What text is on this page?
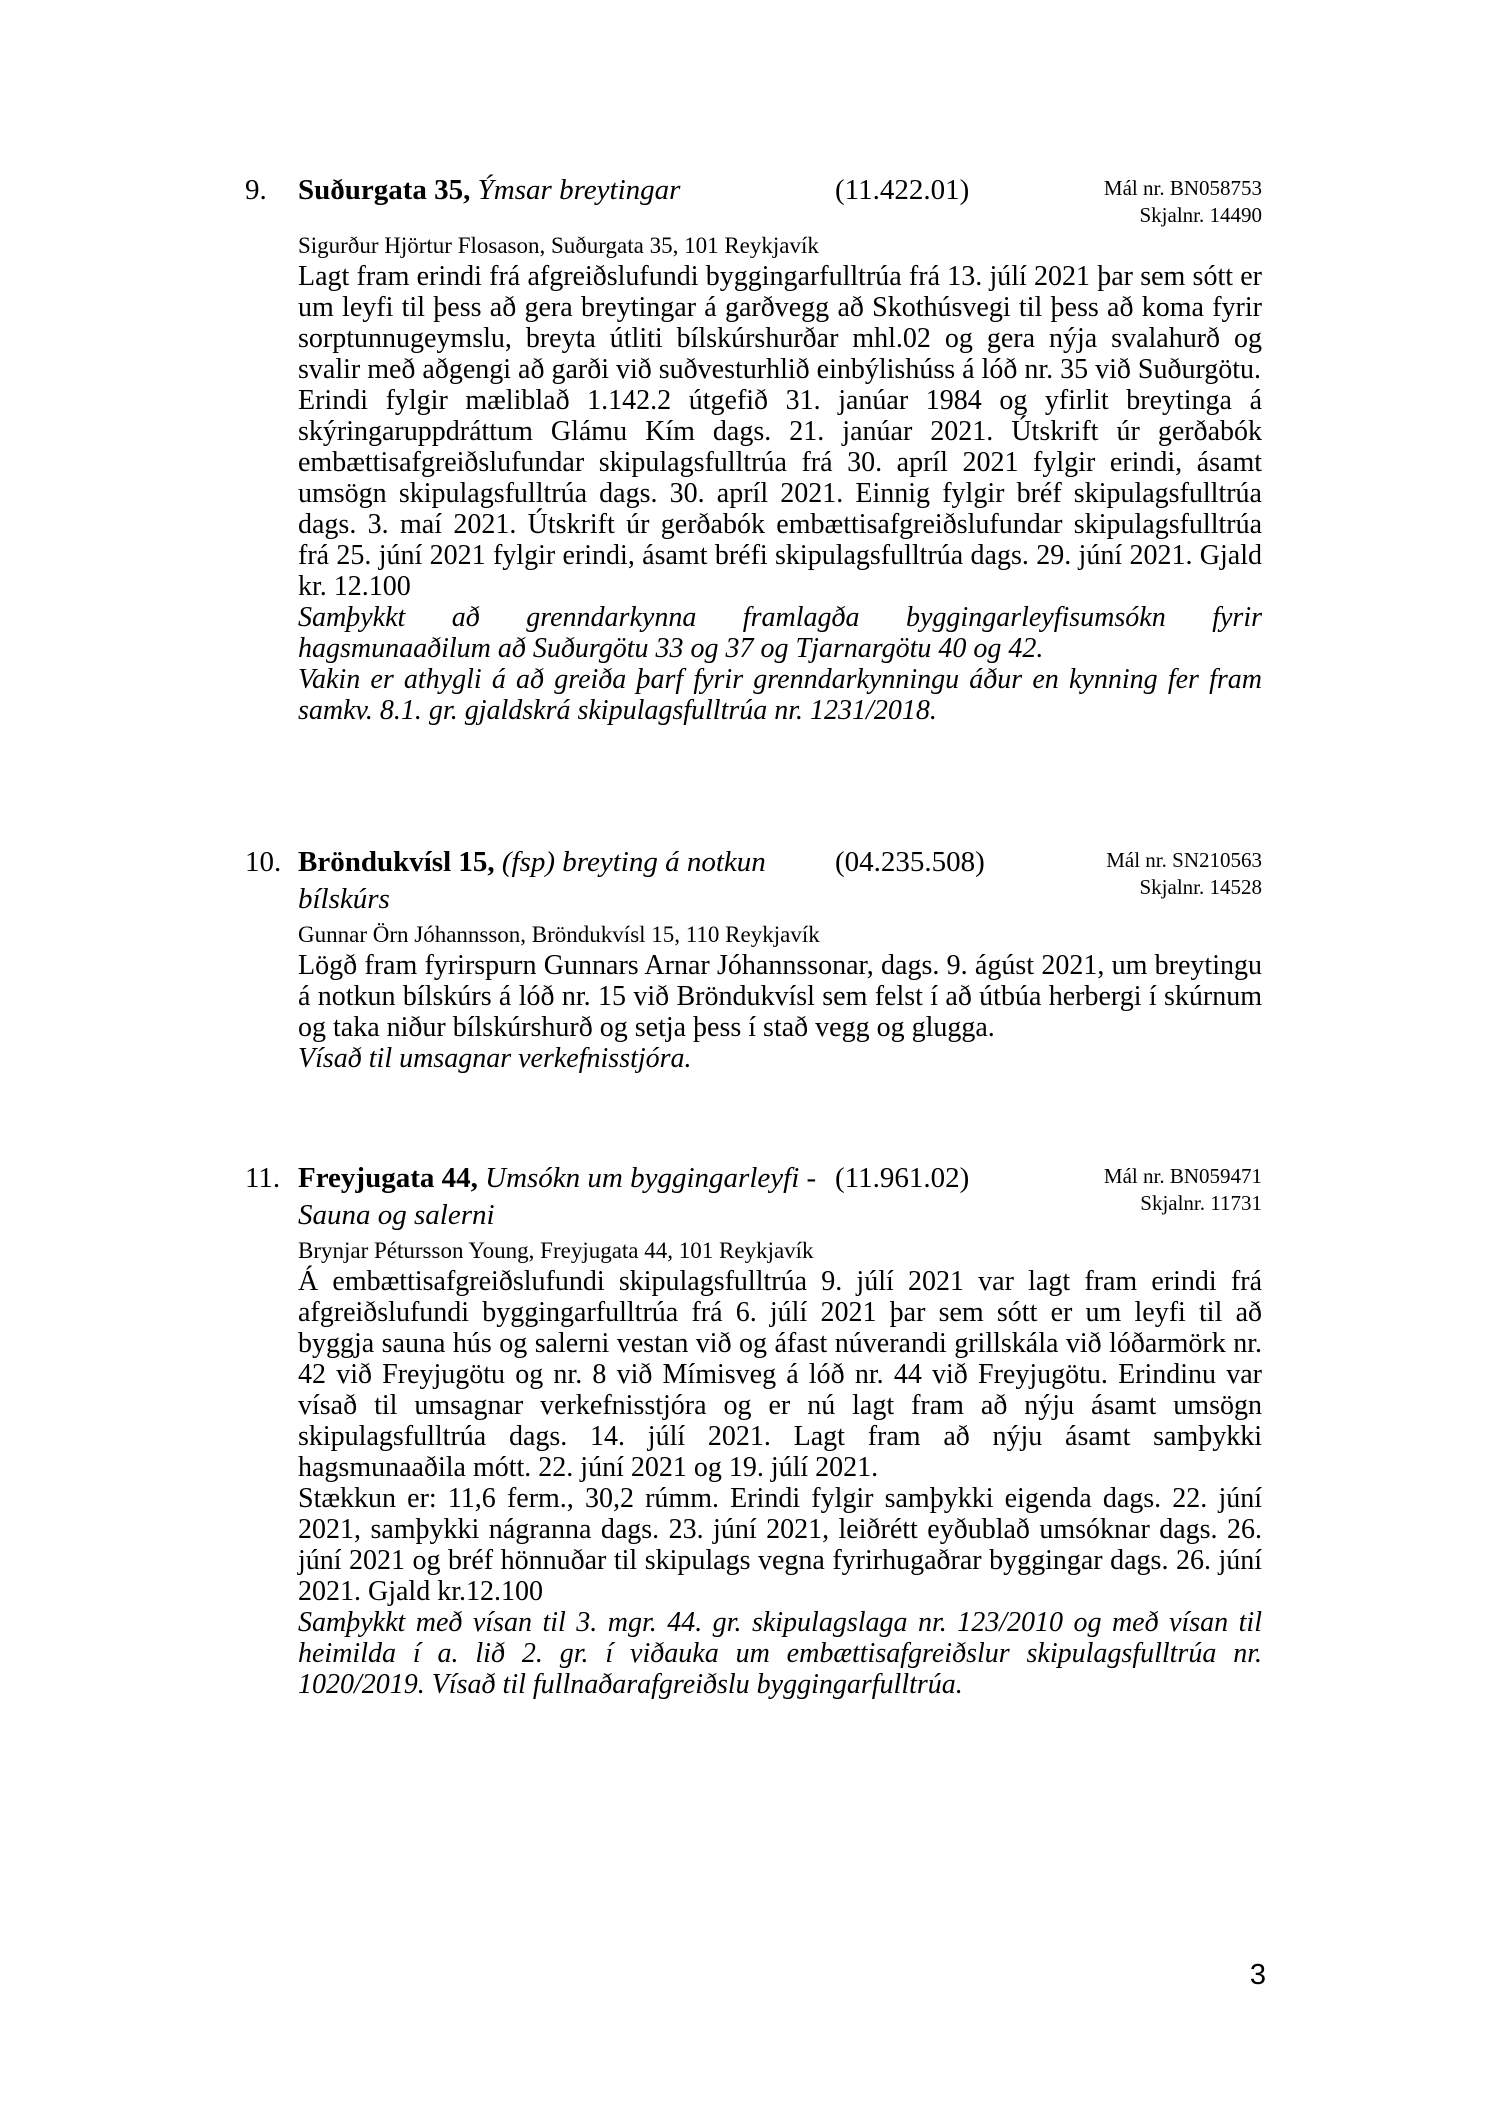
9.	Suðurgata 35, Ýmsar breytingar	(11.422.01)	Mál nr. BN058753
Skjalnr. 14490
Sigurður Hjörtur Flosason, Suðurgata 35, 101 Reykjavík

Lagt fram erindi frá afgreiðslufundi byggingarfulltrúa frá 13. júlí 2021 þar sem sótt er um leyfi til þess að gera breytingar á garðvegg að Skothúsvegi til þess að koma fyrir sorptunnugeymslu, breyta útliti bílskúrshurðar mhl.02 og gera nýja svalahurð og svalir með aðgengi að garði við suðvesturhlið einbýlishúss á lóð nr. 35 við Suðurgötu.

Erindi fylgir mæliblað 1.142.2 útgefið 31. janúar 1984 og yfirlit breytinga á skýringaruppdráttum Glámu Kím dags. 21. janúar 2021. Útskrift úr gerðabók embættisafgreiðslufundar skipulagsfulltrúa frá 30. apríl 2021 fylgir erindi, ásamt umsögn skipulagsfulltrúa dags. 30. apríl 2021. Einnig fylgir bréf skipulagsfulltrúa dags. 3. maí 2021. Útskrift úr gerðabók embættisafgreiðslufundar skipulagsfulltrúa frá 25. júní 2021 fylgir erindi, ásamt bréfi skipulagsfulltrúa dags. 29. júní 2021. Gjald kr. 12.100

Samþykkt að grenndarkynna framlagða byggingarleyfisumsókn fyrir hagsmunaaðilum að Suðurgötu 33 og 37 og Tjarnargötu 40 og 42.

Vakin er athygli á að greiða þarf fyrir grenndarkynningu áður en kynning fer fram samkv. 8.1. gr. gjaldskrá skipulagsfulltrúa nr. 1231/2018.

10. Bröndukvísl 15, (fsp) breyting á notkun
bílskúrs
(04.235.508)	Mál nr. SN210563
Skjalnr. 14528
Gunnar Örn Jóhannsson, Bröndukvísl 15, 110 Reykjavík

Lögð fram fyrirspurn Gunnars Arnar Jóhannssonar, dags. 9. ágúst 2021, um breytingu á notkun bílskúrs á lóð nr. 15 við Bröndukvísl sem felst í að útbúa herbergi í skúrnum og taka niður bílskúrshurð og setja þess í stað vegg og glugga.

Vísað til umsagnar verkefnisstjóra.

11. Freyjugata 44, Umsókn um byggingarleyfi -
Sauna og salerni
(11.961.02)	Mál nr. BN059471
Skjalnr. 11731
Brynjar Pétursson Young, Freyjugata 44, 101 Reykjavík

Á embættisafgreiðslufundi skipulagsfulltrúa 9. júlí 2021 var lagt fram erindi frá afgreiðslufundi byggingarfulltrúa frá 6. júlí 2021 þar sem sótt er um leyfi til að byggja sauna hús og salerni vestan við og áfast núverandi grillskála við lóðarmörk nr. 42 við Freyjugötu og nr. 8 við Mímisveg á lóð nr. 44 við Freyjugötu. Erindinu var vísað til umsagnar verkefnisstjóra og er nú lagt fram að nýju ásamt umsögn skipulagsfulltrúa dags. 14. júlí 2021. Lagt fram að nýju ásamt samþykki hagsmunaaðila mótt. 22. júní 2021 og 19. júlí 2021.

Stækkun er: 11,6 ferm., 30,2 rúmm. Erindi fylgir samþykki eigenda dags. 22. júní 2021, samþykki nágranna dags. 23. júní 2021, leiðrétt eyðublað umsóknar dags. 26. júní 2021 og bréf hönnuðar til skipulags vegna fyrirhugaðrar byggingar dags. 26. júní 2021. Gjald kr.12.100

Samþykkt með vísan til 3. mgr. 44. gr. skipulagslaga nr. 123/2010 og með vísan til heimilda í a. lið 2. gr. í viðauka um embættisafgreiðslur skipulagsfulltrúa nr. 1020/2019. Vísað til fullnaðarafgreiðslu byggingarfulltrúa.

3
